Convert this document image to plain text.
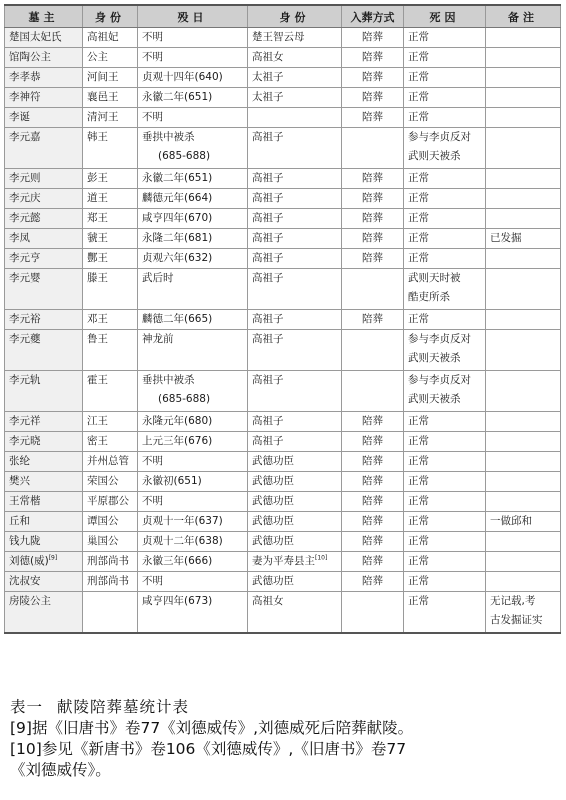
墓主	身份	殁日	身份	入葬方式	死因	备注
楚国太妃氏	高祖妃	不明	楚王智云母	陪葬	正常	

馆陶公主	公主	不明	高祖女	陪葬	正常	

李孝恭	河间王	贞观十四年(640)	太祖子	陪葬	正常	

李神符	襄邑王	永徽二年(651)	太祖子	陪葬	正常	

李诞	清河王	不明		陪葬	正常	

李元嘉	韩王	垂拱中被杀
(685-688)	高祖子		参与李贞反对
武则天被杀	

李元则	彭王	永徽二年(651)	高祖子	陪葬	正常	

李元庆	道王	麟德元年(664)	高祖子	陪葬	正常	

李元懿	郑王	咸亨四年(670)	高祖子	陪葬	正常	

李凤	虢王	永隆二年(681)	高祖子	陪葬	正常	已发掘

李元亨	酆王	贞观六年(632)	高祖子	陪葬	正常	

李元婴	滕王	武后时	高祖子		武则天时被
酷吏所杀	

李元裕	邓王	麟德二年(665)	高祖子	陪葬	正常	

李元夔	鲁王	神龙前	高祖子		参与李贞反对
武则天被杀	

李元轨	霍王	垂拱中被杀
(685-688)	高祖子		参与李贞反对
武则天被杀	

李元祥	江王	永隆元年(680)	高祖子	陪葬	正常	

李元晓	密王	上元三年(676)	高祖子	陪葬	正常	

张纶	并州总管	不明	武德功臣	陪葬	正常	

樊兴	荣国公	永徽初(651)	武德功臣	陪葬	正常	

王常楷	平原郡公	不明	武德功臣	陪葬	正常	

丘和	谭国公	贞观十一年(637)	武德功臣	陪葬	正常	一做邱和

钱九陇	巢国公	贞观十二年(638)	武德功臣	陪葬	正常	

刘德(威)[9]	刑部尚书	永徽三年(666)	妻为平寿县主[10]	陪葬	正常	

沈叔安	刑部尚书	不明	武德功臣	陪葬	正常	

房陵公主		咸亨四年(673)	高祖女		正常	无记载,考
古发掘证实
表一 献陵陪葬墓统计表
[9]据《旧唐书》卷77《刘德威传》,刘德威死后陪葬献陵。
[10]参见《新唐书》卷106《刘德威传》,《旧唐书》卷77
《刘德威传》。
